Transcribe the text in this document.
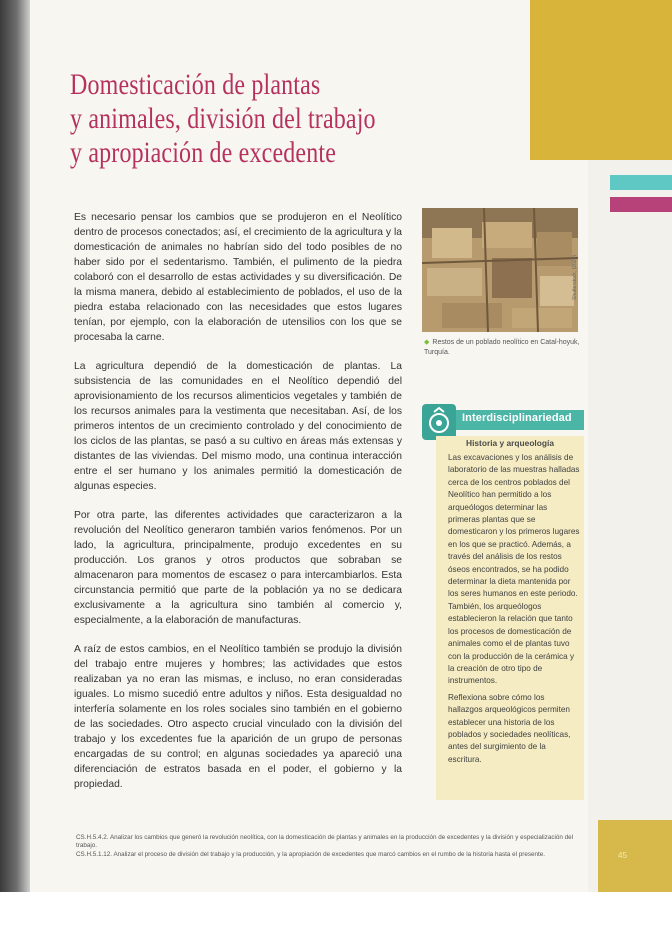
45
Domesticación de plantas
y animales, división del trabajo
y apropiación de excedente

Es necesario pensar los cambios que se produjeron en el Neolítico dentro de procesos conectados; así, el crecimiento de la agricultura y la domesticación de animales no habrían sido del todo posibles de no haber sido por el sedentarismo. También, el pulimento de la piedra colaboró con el desarrollo de estas actividades y su diversificación. De la misma manera, debido al establecimiento de poblados, el uso de la piedra estaba relacionado con las necesidades que estos lugares tenían, por ejemplo, con la elaboración de utensilios con los que se procesaba la carne.

La agricultura dependió de la domesticación de plantas. La subsistencia de las comunidades en el Neolítico dependió del aprovisionamiento de los recursos alimenticios vegetales y también de los recursos animales para la vestimenta que necesitaban. Así, de los primeros intentos de un crecimiento controlado y del conocimiento de los ciclos de las plantas, se pasó a su cultivo en áreas más extensas y distantes de las viviendas. Del mismo modo, una continua interacción entre el ser humano y los animales permitió la domesticación de algunas especies.

Por otra parte, las diferentes actividades que caracterizaron a la revolución del Neolítico generaron también varios fenómenos. Por un lado, la agricultura, principalmente, produjo excedentes en su producción. Los granos y otros productos que sobraban se almacenaron para momentos de escasez o para intercambiarlos. Esta circunstancia permitió que parte de la población ya no se dedicara exclusivamente a la agricultura sino también al comercio y, especialmente, a la elaboración de manufacturas.

A raíz de estos cambios, en el Neolítico también se produjo la división del trabajo entre mujeres y hombres; las actividades que estos realizaban ya no eran las mismas, e incluso, no eran consideradas iguales. Lo mismo sucedió entre adultos y niños. Esta desigualdad no interfería solamente en los roles sociales sino también en el gobierno de las sociedades. Otro aspecto crucial vinculado con la división del trabajo y los excedentes fue la aparición de un grupo de personas encargadas de su control; en algunas sociedades ya apareció una diferenciación de estratos basada en el poder, el gobierno y la propiedad.

Shutterstock, (2020)
◆ Restos de un poblado neolítico en Catal-hoyuk, Turquía.
Interdisciplinariedad
Historia y arqueología

Las excavaciones y los análisis de laboratorio de las muestras halladas cerca de los centros poblados del Neolítico han permitido a los arqueólogos determinar las primeras plantas que se domesticaron y los primeros lugares en los que se practicó. Además, a través del análisis de los restos óseos encontrados, se ha podido determinar la dieta mantenida por los seres humanos en este periodo. También, los arqueólogos establecieron la relación que tanto los procesos de domesticación de animales como el de plantas tuvo con la producción de la cerámica y la creación de otro tipo de instrumentos.

Reflexiona sobre cómo los hallazgos arqueológicos permiten establecer una historia de los poblados y sociedades neolíticas, antes del surgimiento de la escritura.

CS.H.5.4.2. Analizar los cambios que generó la revolución neolítica, con la domesticación de plantas y animales en la producción de excedentes y la división y especialización del trabajo.

CS.H.5.1.12. Analizar el proceso de división del trabajo y la producción, y la apropiación de excedentes que marcó cambios en el rumbo de la historia hasta el presente.
